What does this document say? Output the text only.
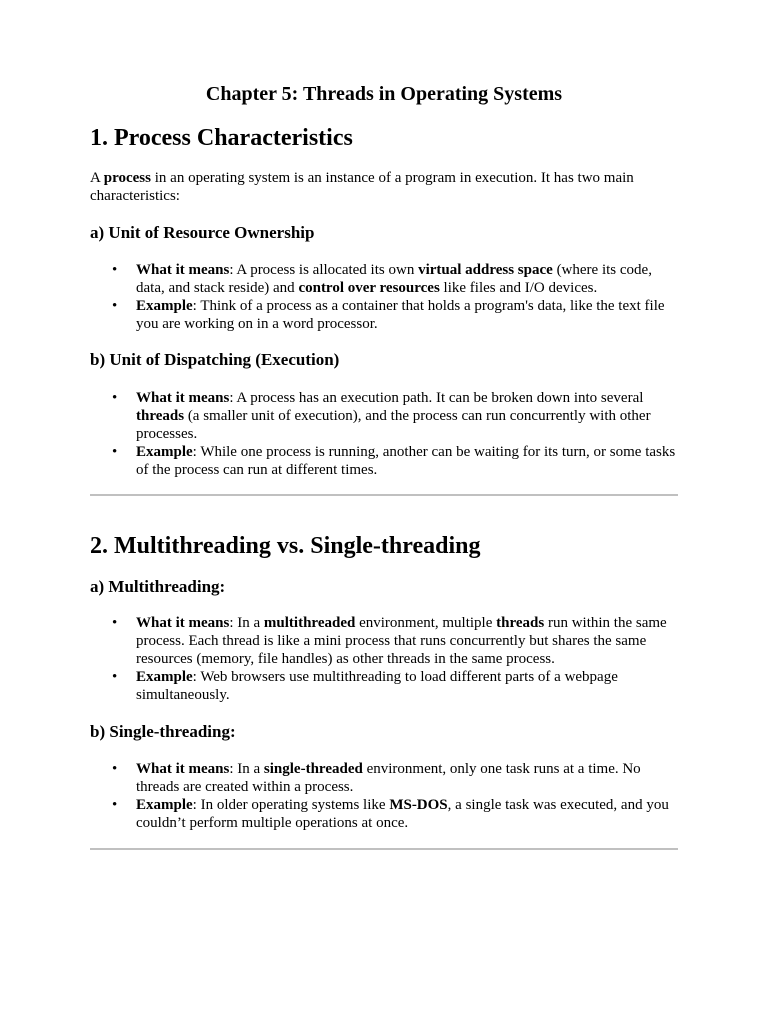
Chapter 5: Threads in Operating Systems
1. Process Characteristics
A process in an operating system is an instance of a program in execution. It has two main characteristics:
a) Unit of Resource Ownership
• What it means: A process is allocated its own virtual address space (where its code, data, and stack reside) and control over resources like files and I/O devices.
• Example: Think of a process as a container that holds a program's data, like the text file you are working on in a word processor.
b) Unit of Dispatching (Execution)
• What it means: A process has an execution path. It can be broken down into several threads (a smaller unit of execution), and the process can run concurrently with other processes.
• Example: While one process is running, another can be waiting for its turn, or some tasks of the process can run at different times.
2. Multithreading vs. Single-threading
a) Multithreading:
• What it means: In a multithreaded environment, multiple threads run within the same process. Each thread is like a mini process that runs concurrently but shares the same resources (memory, file handles) as other threads in the same process.
• Example: Web browsers use multithreading to load different parts of a webpage simultaneously.
b) Single-threading:
• What it means: In a single-threaded environment, only one task runs at a time. No threads are created within a process.
• Example: In older operating systems like MS-DOS, a single task was executed, and you couldn’t perform multiple operations at once.
